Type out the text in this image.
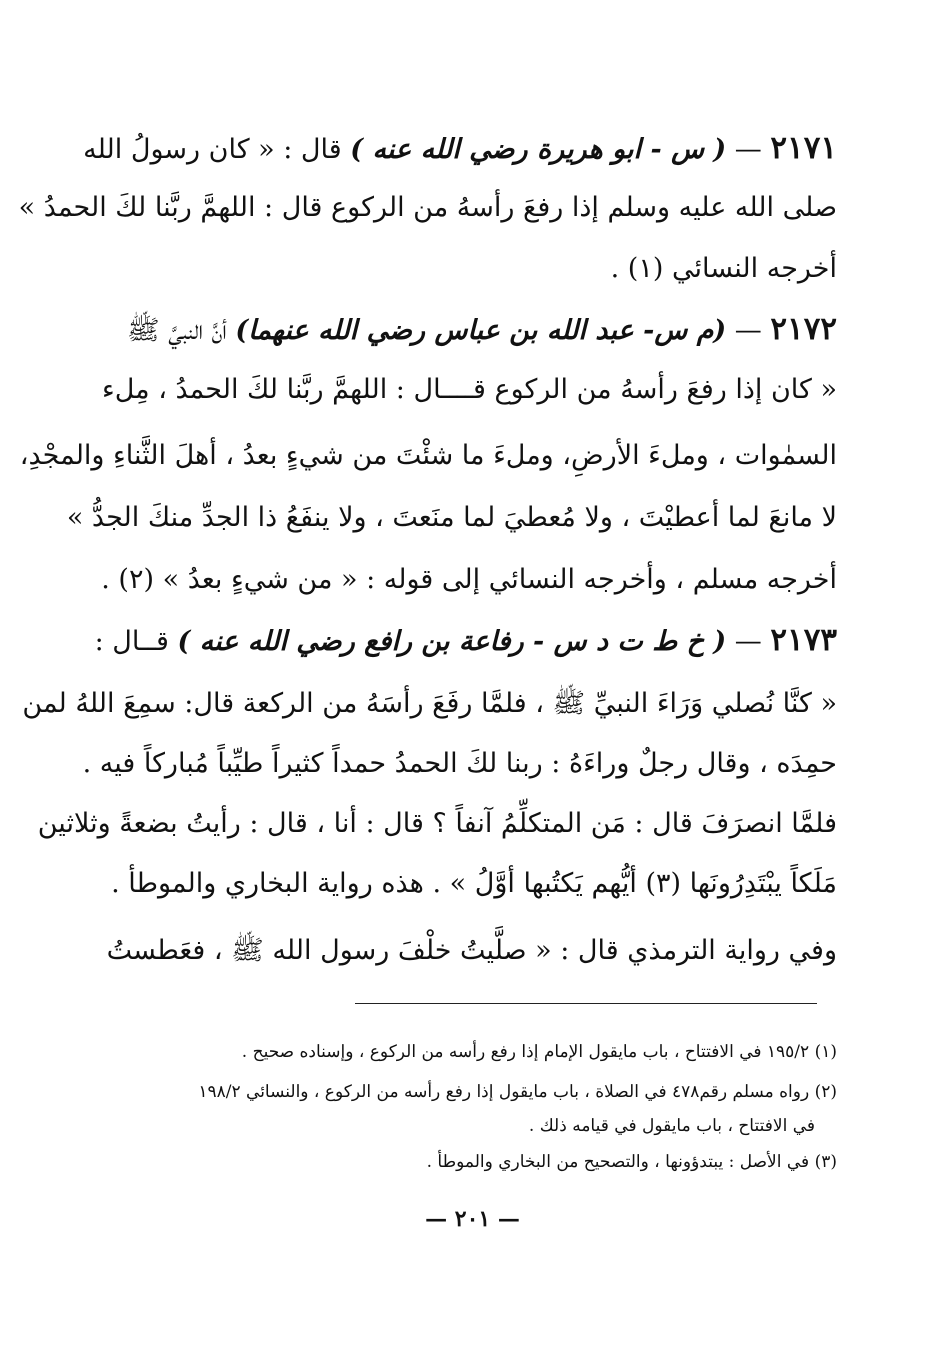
٢١٧١ — ( س - ابو هريرة رضي الله عنه ) قال : « كان رسولُ الله
صلى الله عليه وسلم إذا رفعَ رأسهُ من الركوع قال : اللهمَّ ربَّنا لكَ الحمدُ »
أخرجه النسائي (١) .
٢١٧٢ — (م س- عبد الله بن عباس رضي الله عنهما) أنَّ النبيَّ ﷺ
« كان إذا رفعَ رأسهُ من الركوع قــــال : اللهمَّ ربَّنا لكَ الحمدُ ، مِلء
السمٰوات ، وملءَ الأرضِ، وملءَ ما شئْتَ من شيءٍ بعدُ ، أهلَ الثَّناءِ والمجْدِ،
لا مانعَ لما أعطيْتَ ، ولا مُعطيَ لما منَعتَ ، ولا ينفَعُ ذا الجدِّ منكَ الجدُّ »
أخرجه مسلم ، وأخرجه النسائي إلى قوله : « من شيءٍ بعدُ » (٢) .
٢١٧٣ — ( خ ط ت د س - رفاعة بن رافع رضي الله عنه ) قــال :
« كنَّا نُصلي وَرَاءَ النبيِّ ﷺ ، فلمَّا رفَعَ رأسَهُ من الركعة قال: سمِعَ اللهُ لمن
حمِدَه ، وقال رجلٌ وراءَهُ : ربنا لكَ الحمدُ حمداً كثيراً طيِّباً مُباركاً فيه .
فلمَّا انصرَفَ قال : مَن المتكلِّمُ آنفاً ؟ قال : أنا ، قال : رأيتُ بضعةً وثلاثين
مَلَكاً يبْتَدِرُونَها (٣) أيُّهم يَكتُبها أوَّلُ » . هذه رواية البخاري والموطأ .
وفي رواية الترمذي قال : « صلَّيتُ خلْفَ رسول الله ﷺ ، فعَطستُ
(١) ١٩٥/٢ في الافتتاح ، باب مايقول الإمام إذا رفع رأسه من الركوع ، وإسناده صحيح .
(٢) رواه مسلم رقم٤٧٨ في الصلاة ، باب مايقول إذا رفع رأسه من الركوع ، والنسائي ١٩٨/٢
في الافتتاح ، باب مايقول في قيامه ذلك .
(٣) في الأصل : يبتدؤونها ، والتصحيح من البخاري والموطأ .
— ٢٠١ —
